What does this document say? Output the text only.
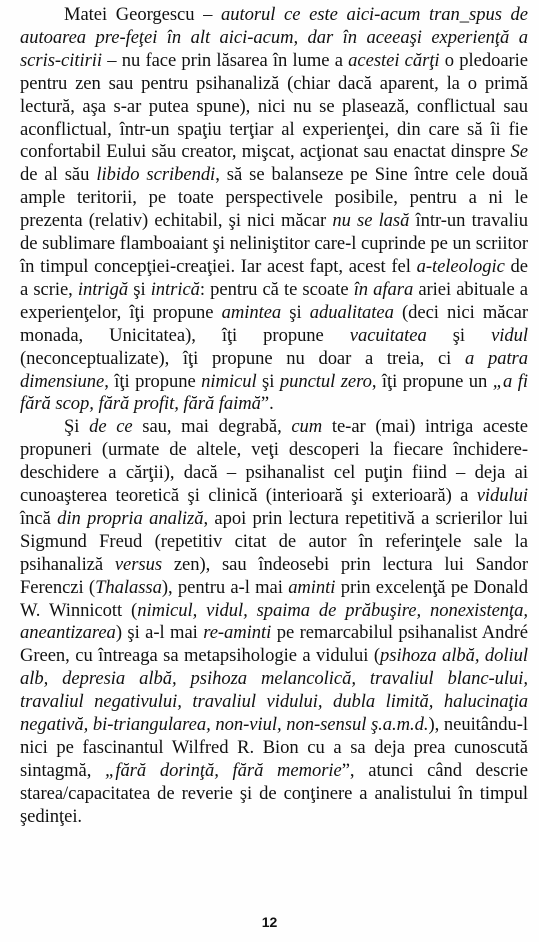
Matei Georgescu – autorul ce este aici-acum tran_spus de autoarea pre-feţei în alt aici-acum, dar în aceeaşi experienţă a scris-citirii – nu face prin lăsarea în lume a acestei cărţi o pledoarie pentru zen sau pentru psihanaliză (chiar dacă aparent, la o primă lectură, aşa s-ar putea spune), nici nu se plasează, conflictual sau aconflictual, într-un spaţiu terţiar al experienţei, din care să îi fie confortabil Eului său creator, mişcat, acţionat sau enactat dinspre Se de al său libido scribendi, să se balanseze pe Sine între cele două ample teritorii, pe toate perspectivele posibile, pentru a ni le prezenta (relativ) echitabil, şi nici măcar nu se lasă într-un travaliu de sublimare flamboaiant şi neliniştitor care-l cuprinde pe un scriitor în timpul concepţiei-creaţiei. Iar acest fapt, acest fel a-teleologic de a scrie, intrigă şi intrică: pentru că te scoate în afara ariei abituale a experienţelor, îţi propune amintea şi adualitatea (deci nici măcar monada, Unicitatea), îţi propune vacuitatea şi vidul (neconceptualizate), îţi propune nu doar a treia, ci a patra dimensiune, îţi propune nimicul şi punctul zero, îţi propune un „a fi fără scop, fără profit, fără faimă”.

Şi de ce sau, mai degrabă, cum te-ar (mai) intriga aceste propuneri (urmate de altele, veţi descoperi la fiecare închidere-deschidere a cărţii), dacă – psihanalist cel puţin fiind – deja ai cunoaşterea teoretică şi clinică (interioară şi exterioară) a vidului încă din propria analiză, apoi prin lectura repetitivă a scrierilor lui Sigmund Freud (repetitiv citat de autor în referinţele sale la psihanaliză versus zen), sau îndeosebi prin lectura lui Sandor Ferenczi (Thalassa), pentru a-l mai aminti prin excelenţă pe Donald W. Winnicott (nimicul, vidul, spaima de prăbuşire, nonexistenţa, aneantizarea) şi a-l mai re-aminti pe remarcabilul psihanalist André Green, cu întreaga sa metapsihologie a vidului (psihoza albă, doliul alb, depresia albă, psihoza melancolică, travaliul blanc-ului, travaliul negativului, travaliul vidului, dubla limită, halucinaţia negativă, bi-triangularea, non-viul, non-sensul ş.a.m.d.), neuitându-l nici pe fascinantul Wilfred R. Bion cu a sa deja prea cunoscută sintagmă, „fără dorinţă, fără memorie”, atunci când descrie starea/capacitatea de reverie şi de conţinere a analistului în timpul şedinţei.

12
